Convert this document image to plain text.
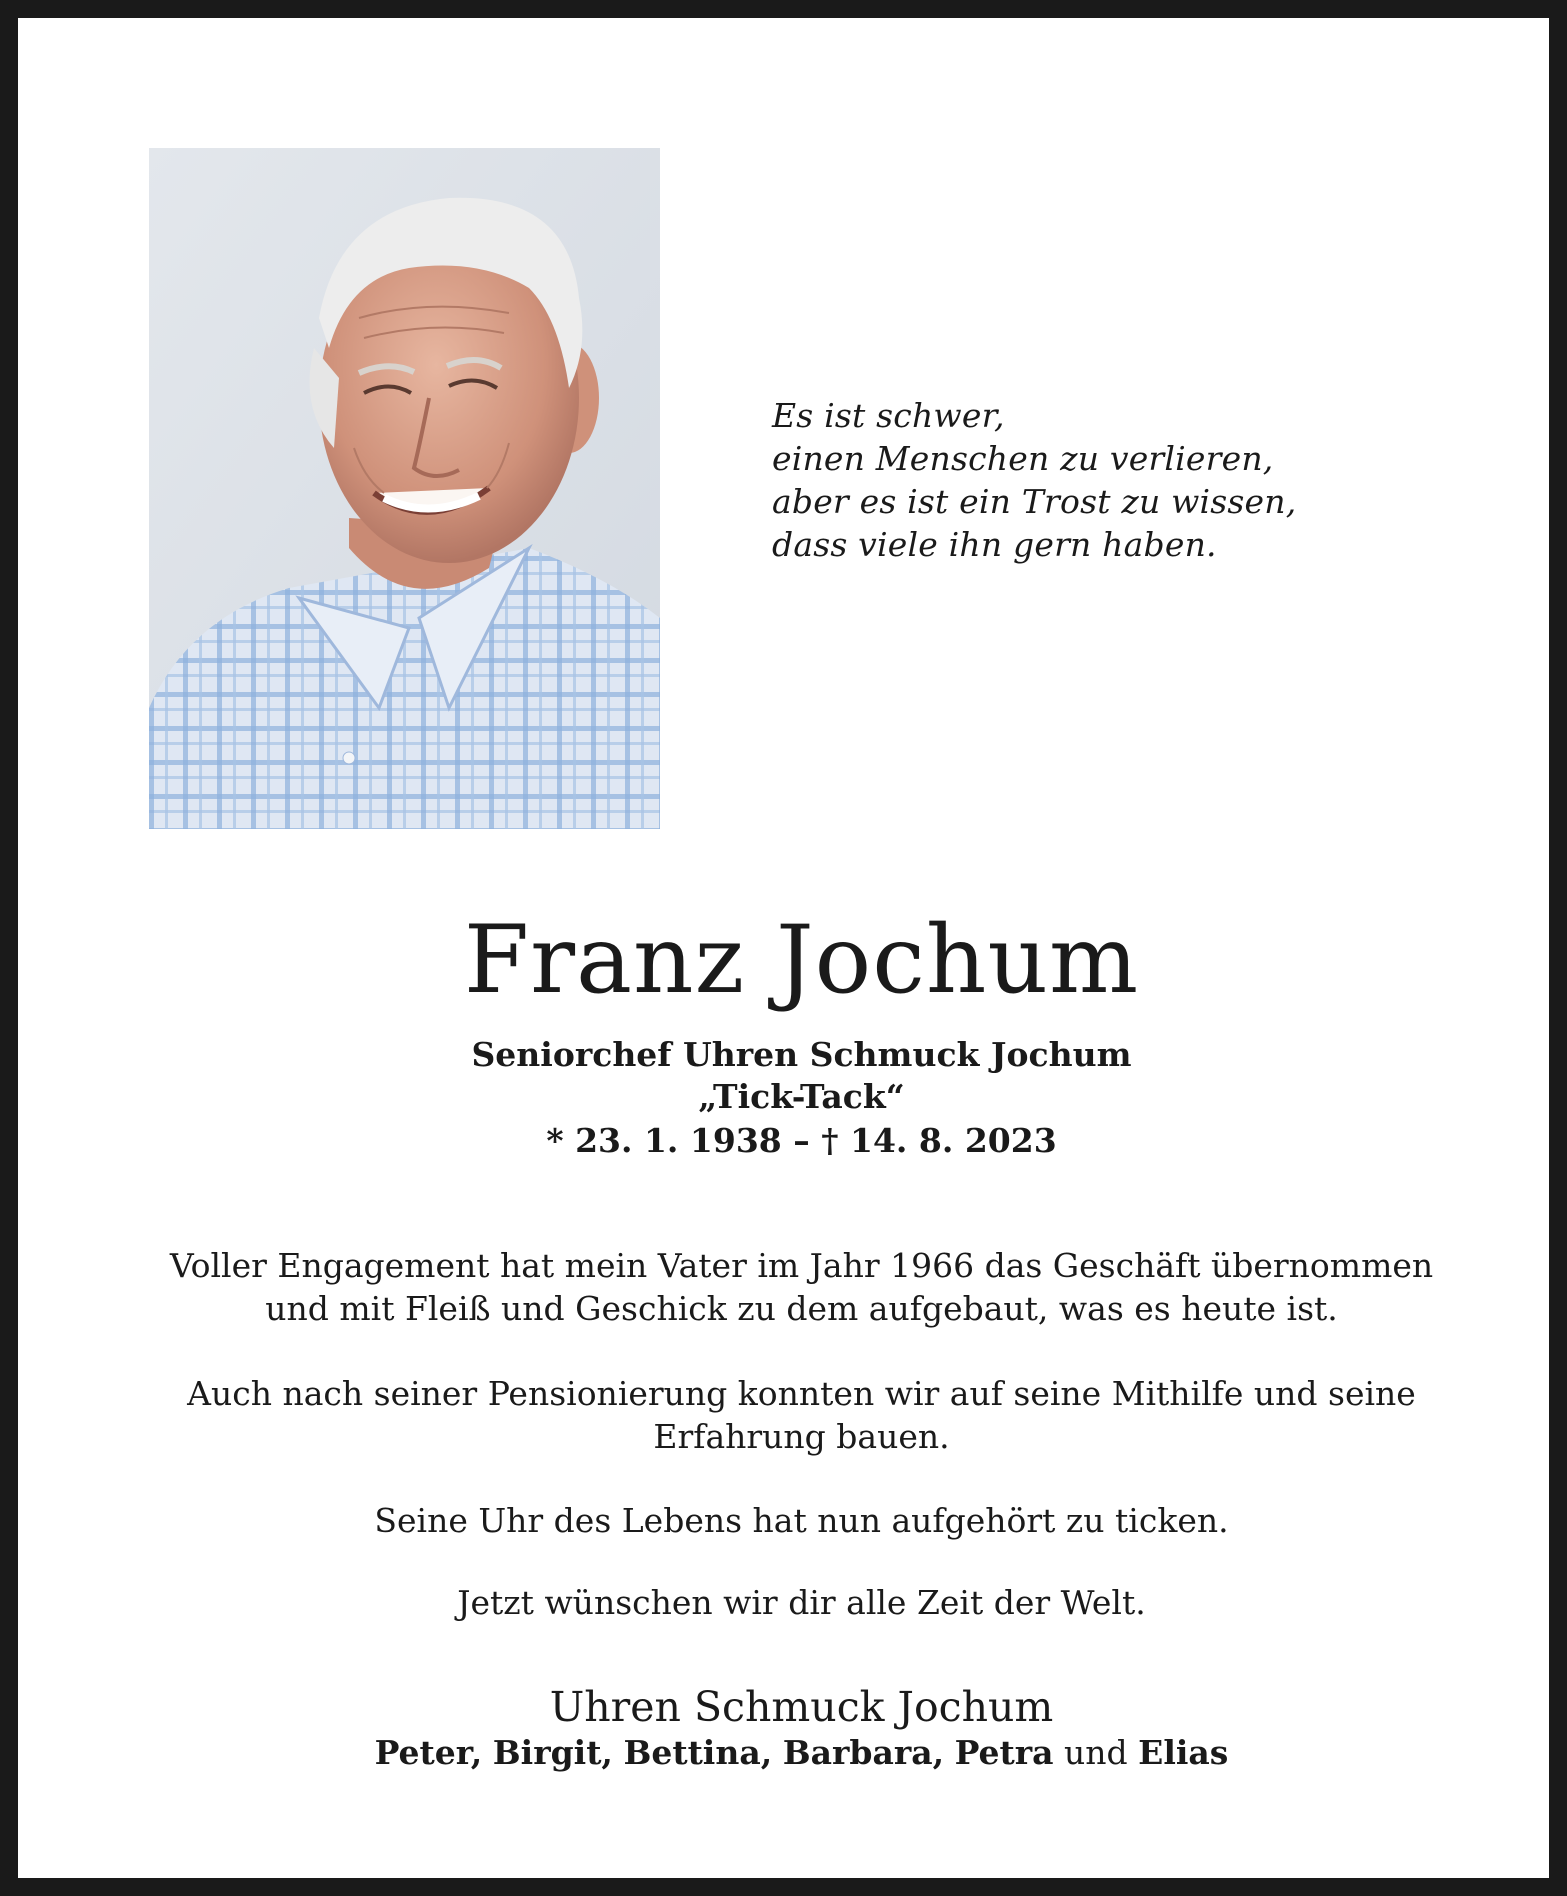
Es ist schwer,
einen Menschen zu verlieren,
aber es ist ein Trost zu wissen,
dass viele ihn gern haben.
Franz Jochum
Seniorchef Uhren Schmuck Jochum
„Tick-Tack“
* 23. 1. 1938 – † 14. 8. 2023
Voller Engagement hat mein Vater im Jahr 1966 das Geschäft übernommen
und mit Fleiß und Geschick zu dem aufgebaut, was es heute ist.
Auch nach seiner Pensionierung konnten wir auf seine Mithilfe und seine
Erfahrung bauen.
Seine Uhr des Lebens hat nun aufgehört zu ticken.
Jetzt wünschen wir dir alle Zeit der Welt.
Uhren Schmuck Jochum
Peter, Birgit, Bettina, Barbara, Petra und Elias
